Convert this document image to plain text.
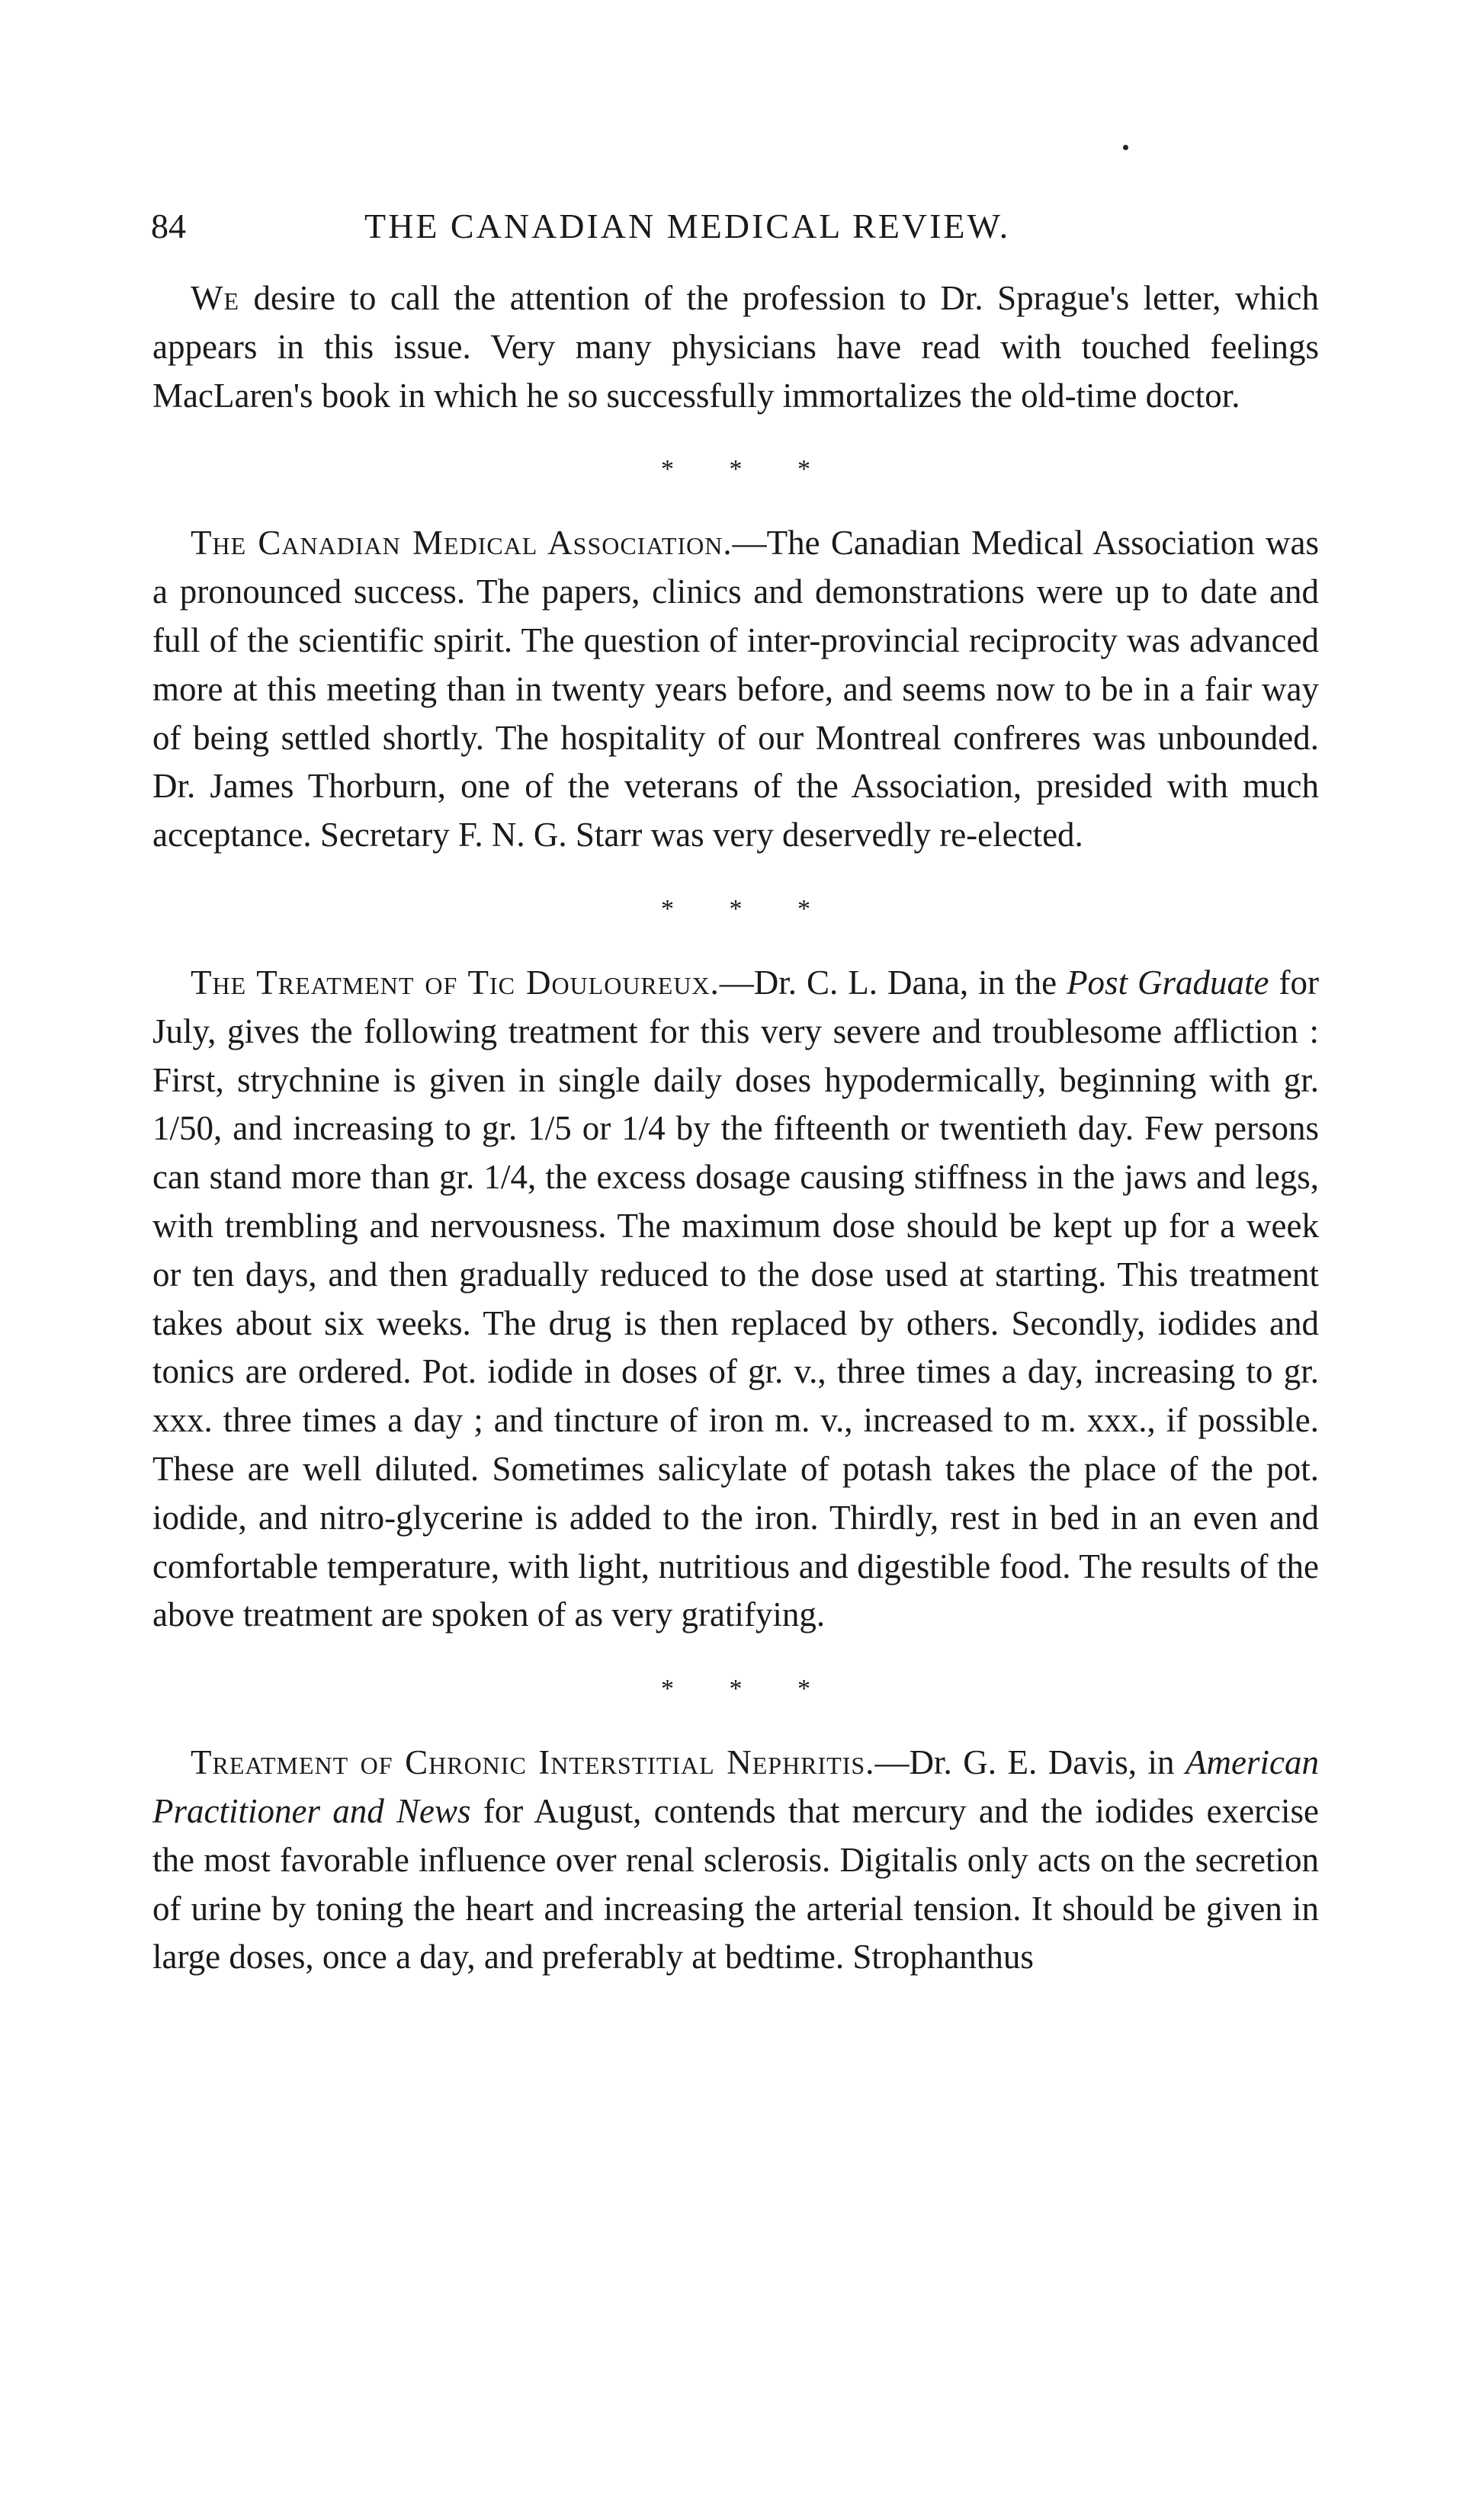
84	THE CANADIAN MEDICAL REVIEW.

We desire to call the attention of the profession to Dr. Sprague's letter, which appears in this issue. Very many physicians have read with touched feelings MacLaren's book in which he so successfully immortalizes the old-time doctor.

* * *

The Canadian Medical Association.—The Canadian Medical Association was a pronounced success. The papers, clinics and demonstrations were up to date and full of the scientific spirit. The question of inter-provincial reciprocity was advanced more at this meeting than in twenty years before, and seems now to be in a fair way of being settled shortly. The hospitality of our Montreal confreres was unbounded. Dr. James Thorburn, one of the veterans of the Association, presided with much acceptance. Secretary F. N. G. Starr was very deservedly re-elected.

* * *

The Treatment of Tic Douloureux.—Dr. C. L. Dana, in the Post Graduate for July, gives the following treatment for this very severe and troublesome affliction : First, strychnine is given in single daily doses hypodermically, beginning with gr. 1/50, and increasing to gr. 1/5 or 1/4 by the fifteenth or twentieth day. Few persons can stand more than gr. 1/4, the excess dosage causing stiffness in the jaws and legs, with trembling and nervousness. The maximum dose should be kept up for a week or ten days, and then gradually reduced to the dose used at starting. This treatment takes about six weeks. The drug is then replaced by others. Secondly, iodides and tonics are ordered. Pot. iodide in doses of gr. v., three times a day, increasing to gr. xxx. three times a day ; and tincture of iron m. v., increased to m. xxx., if possible. These are well diluted. Sometimes salicylate of potash takes the place of the pot. iodide, and nitro-glycerine is added to the iron. Thirdly, rest in bed in an even and comfortable temperature, with light, nutritious and digestible food. The results of the above treatment are spoken of as very gratifying.

* * *

Treatment of Chronic Interstitial Nephritis.—Dr. G. E. Davis, in American Practitioner and News for August, contends that mercury and the iodides exercise the most favorable influence over renal sclerosis. Digitalis only acts on the secretion of urine by toning the heart and increasing the arterial tension. It should be given in large doses, once a day, and preferably at bedtime. Strophanthus
